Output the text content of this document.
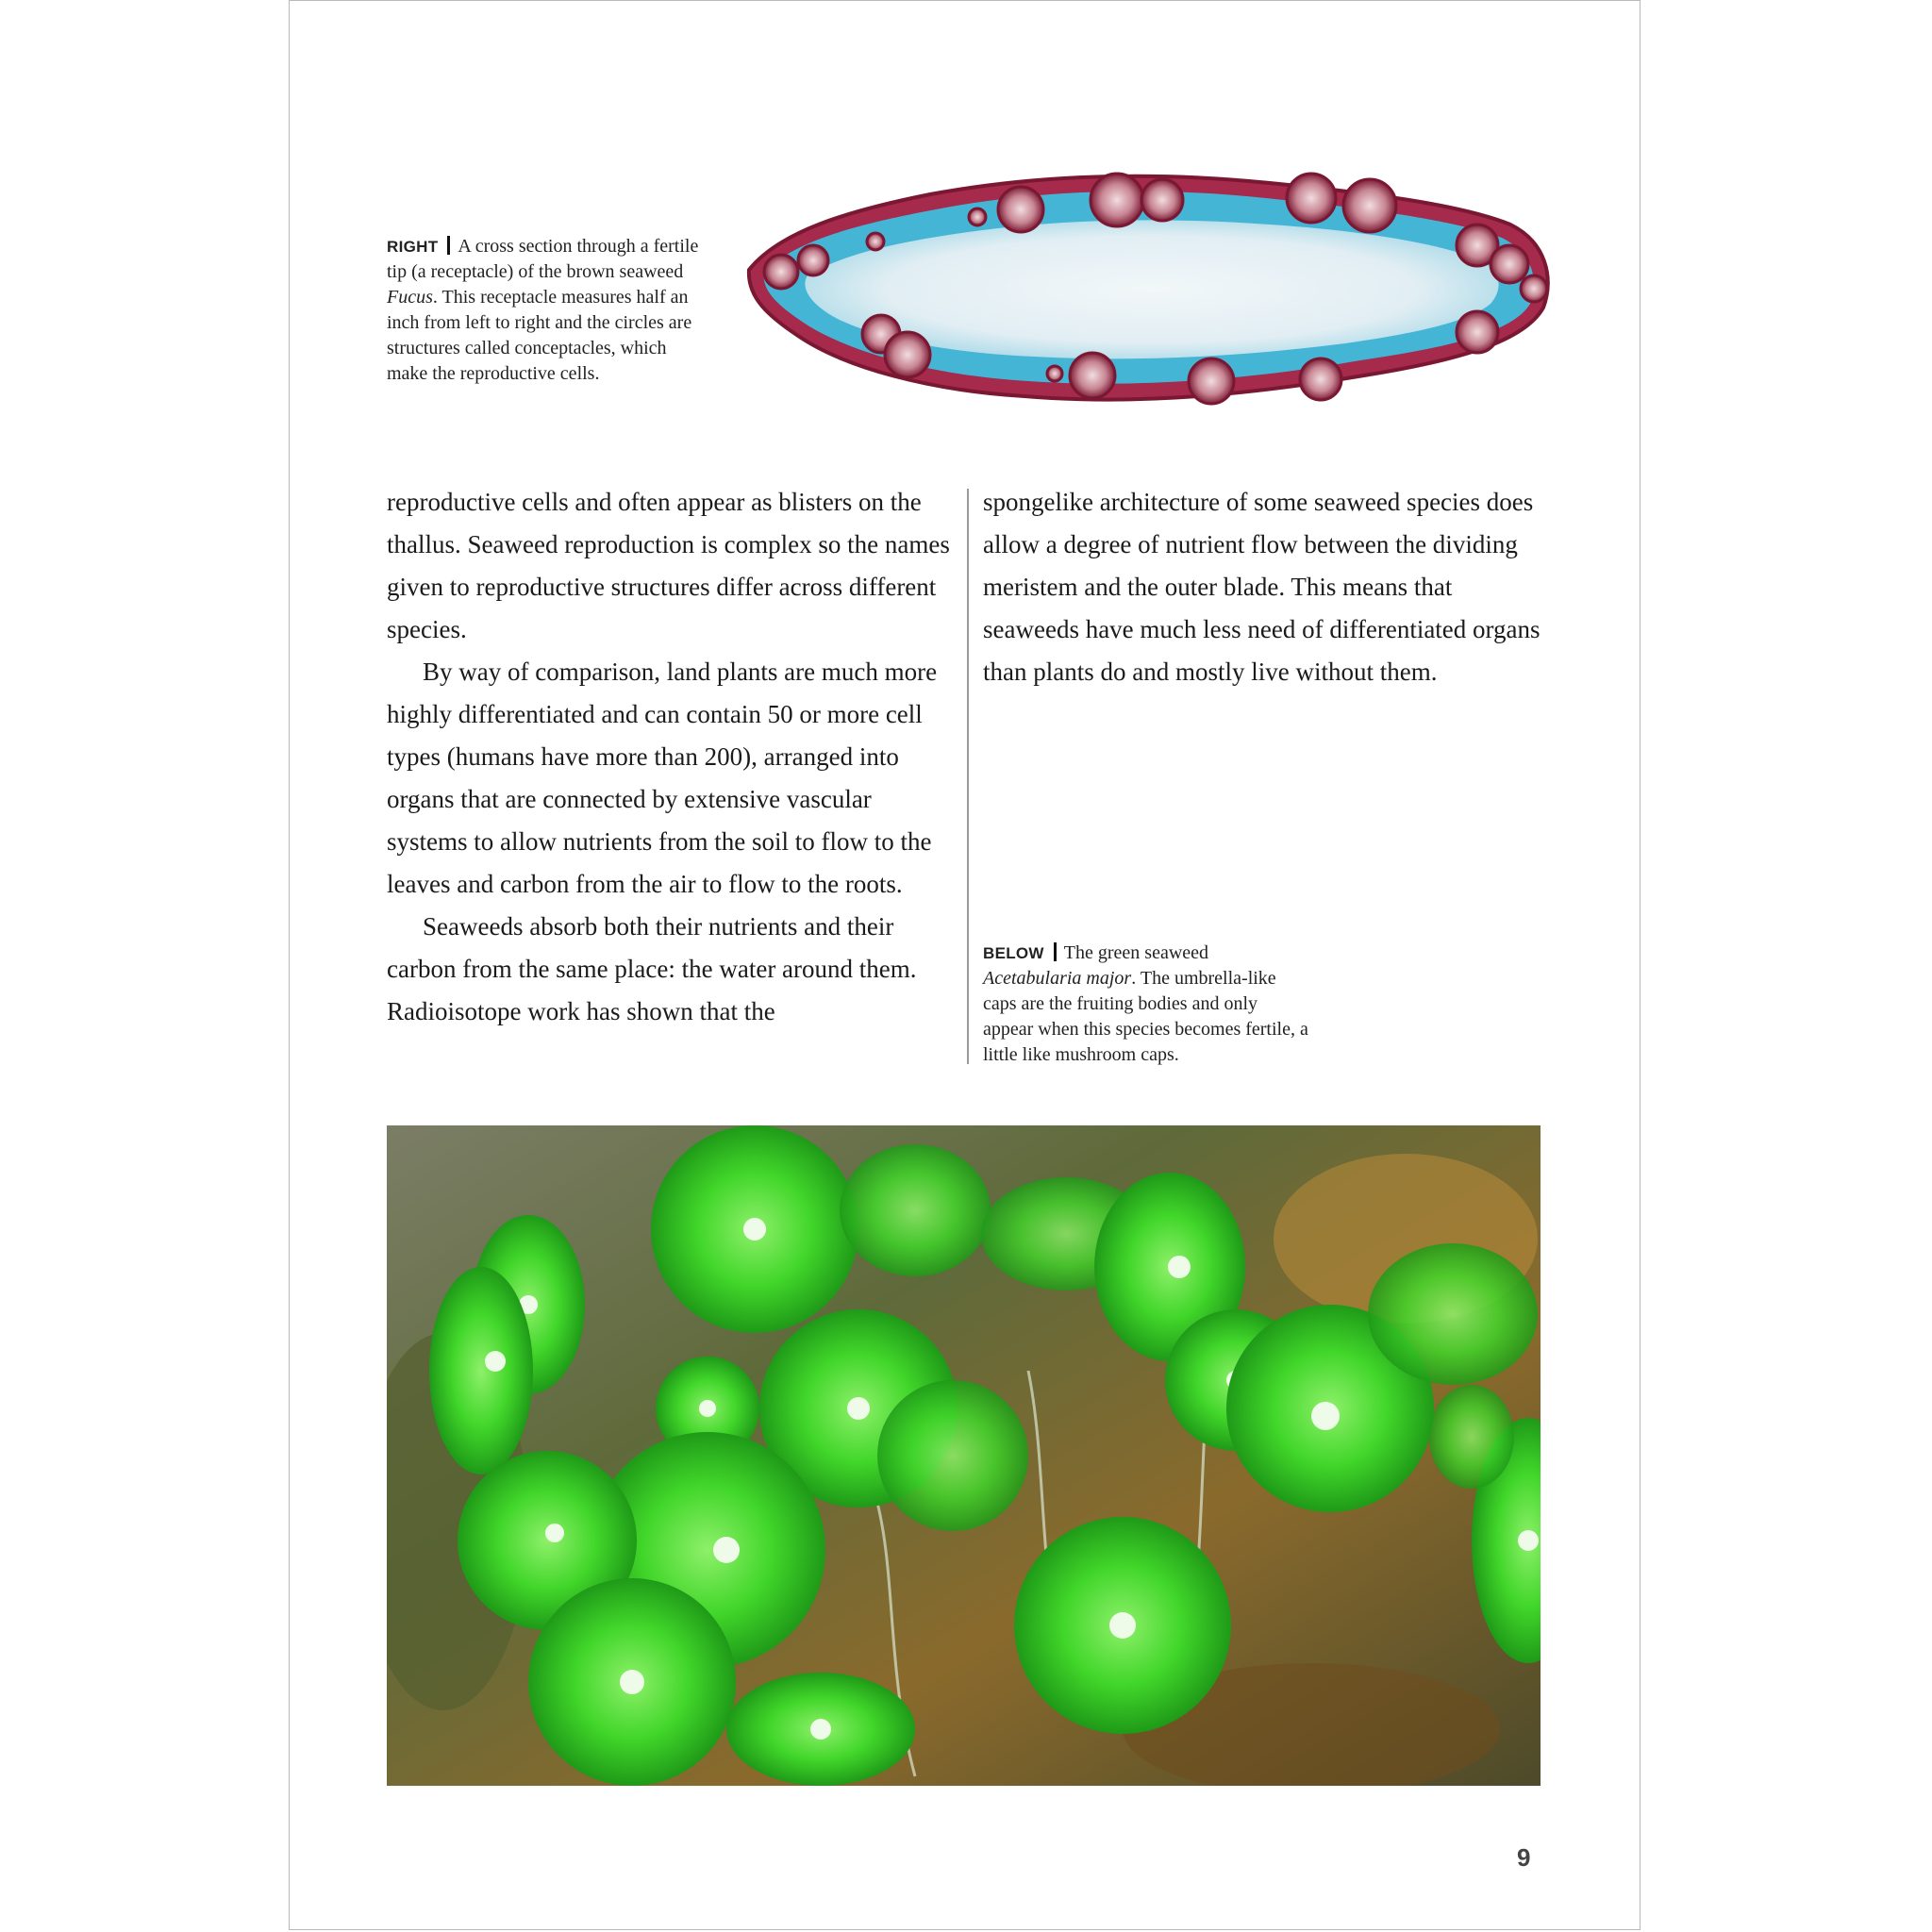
RIGHT A cross section through a fertile tip (a receptacle) of the brown seaweed Fucus. This receptacle measures half an inch from left to right and the circles are structures called conceptacles, which make the reproductive cells.

reproductive cells and often appear as blisters on the thallus. Seaweed reproduction is complex so the names given to reproductive structures differ across different species.

By way of comparison, land plants are much more highly differentiated and can contain 50 or more cell types (humans have more than 200), arranged into organs that are connected by extensive vascular systems to allow nutrients from the soil to flow to the leaves and carbon from the air to flow to the roots.

Seaweeds absorb both their nutrients and their carbon from the same place: the water around them. Radioisotope work has shown that the

spongelike architecture of some seaweed species does allow a degree of nutrient flow between the dividing meristem and the outer blade. This means that seaweeds have much less need of differentiated organs than plants do and mostly live without them.

BELOW The green seaweed Acetabularia major. The umbrella-like caps are the fruiting bodies and only appear when this species becomes fertile, a little like mushroom caps.
9
